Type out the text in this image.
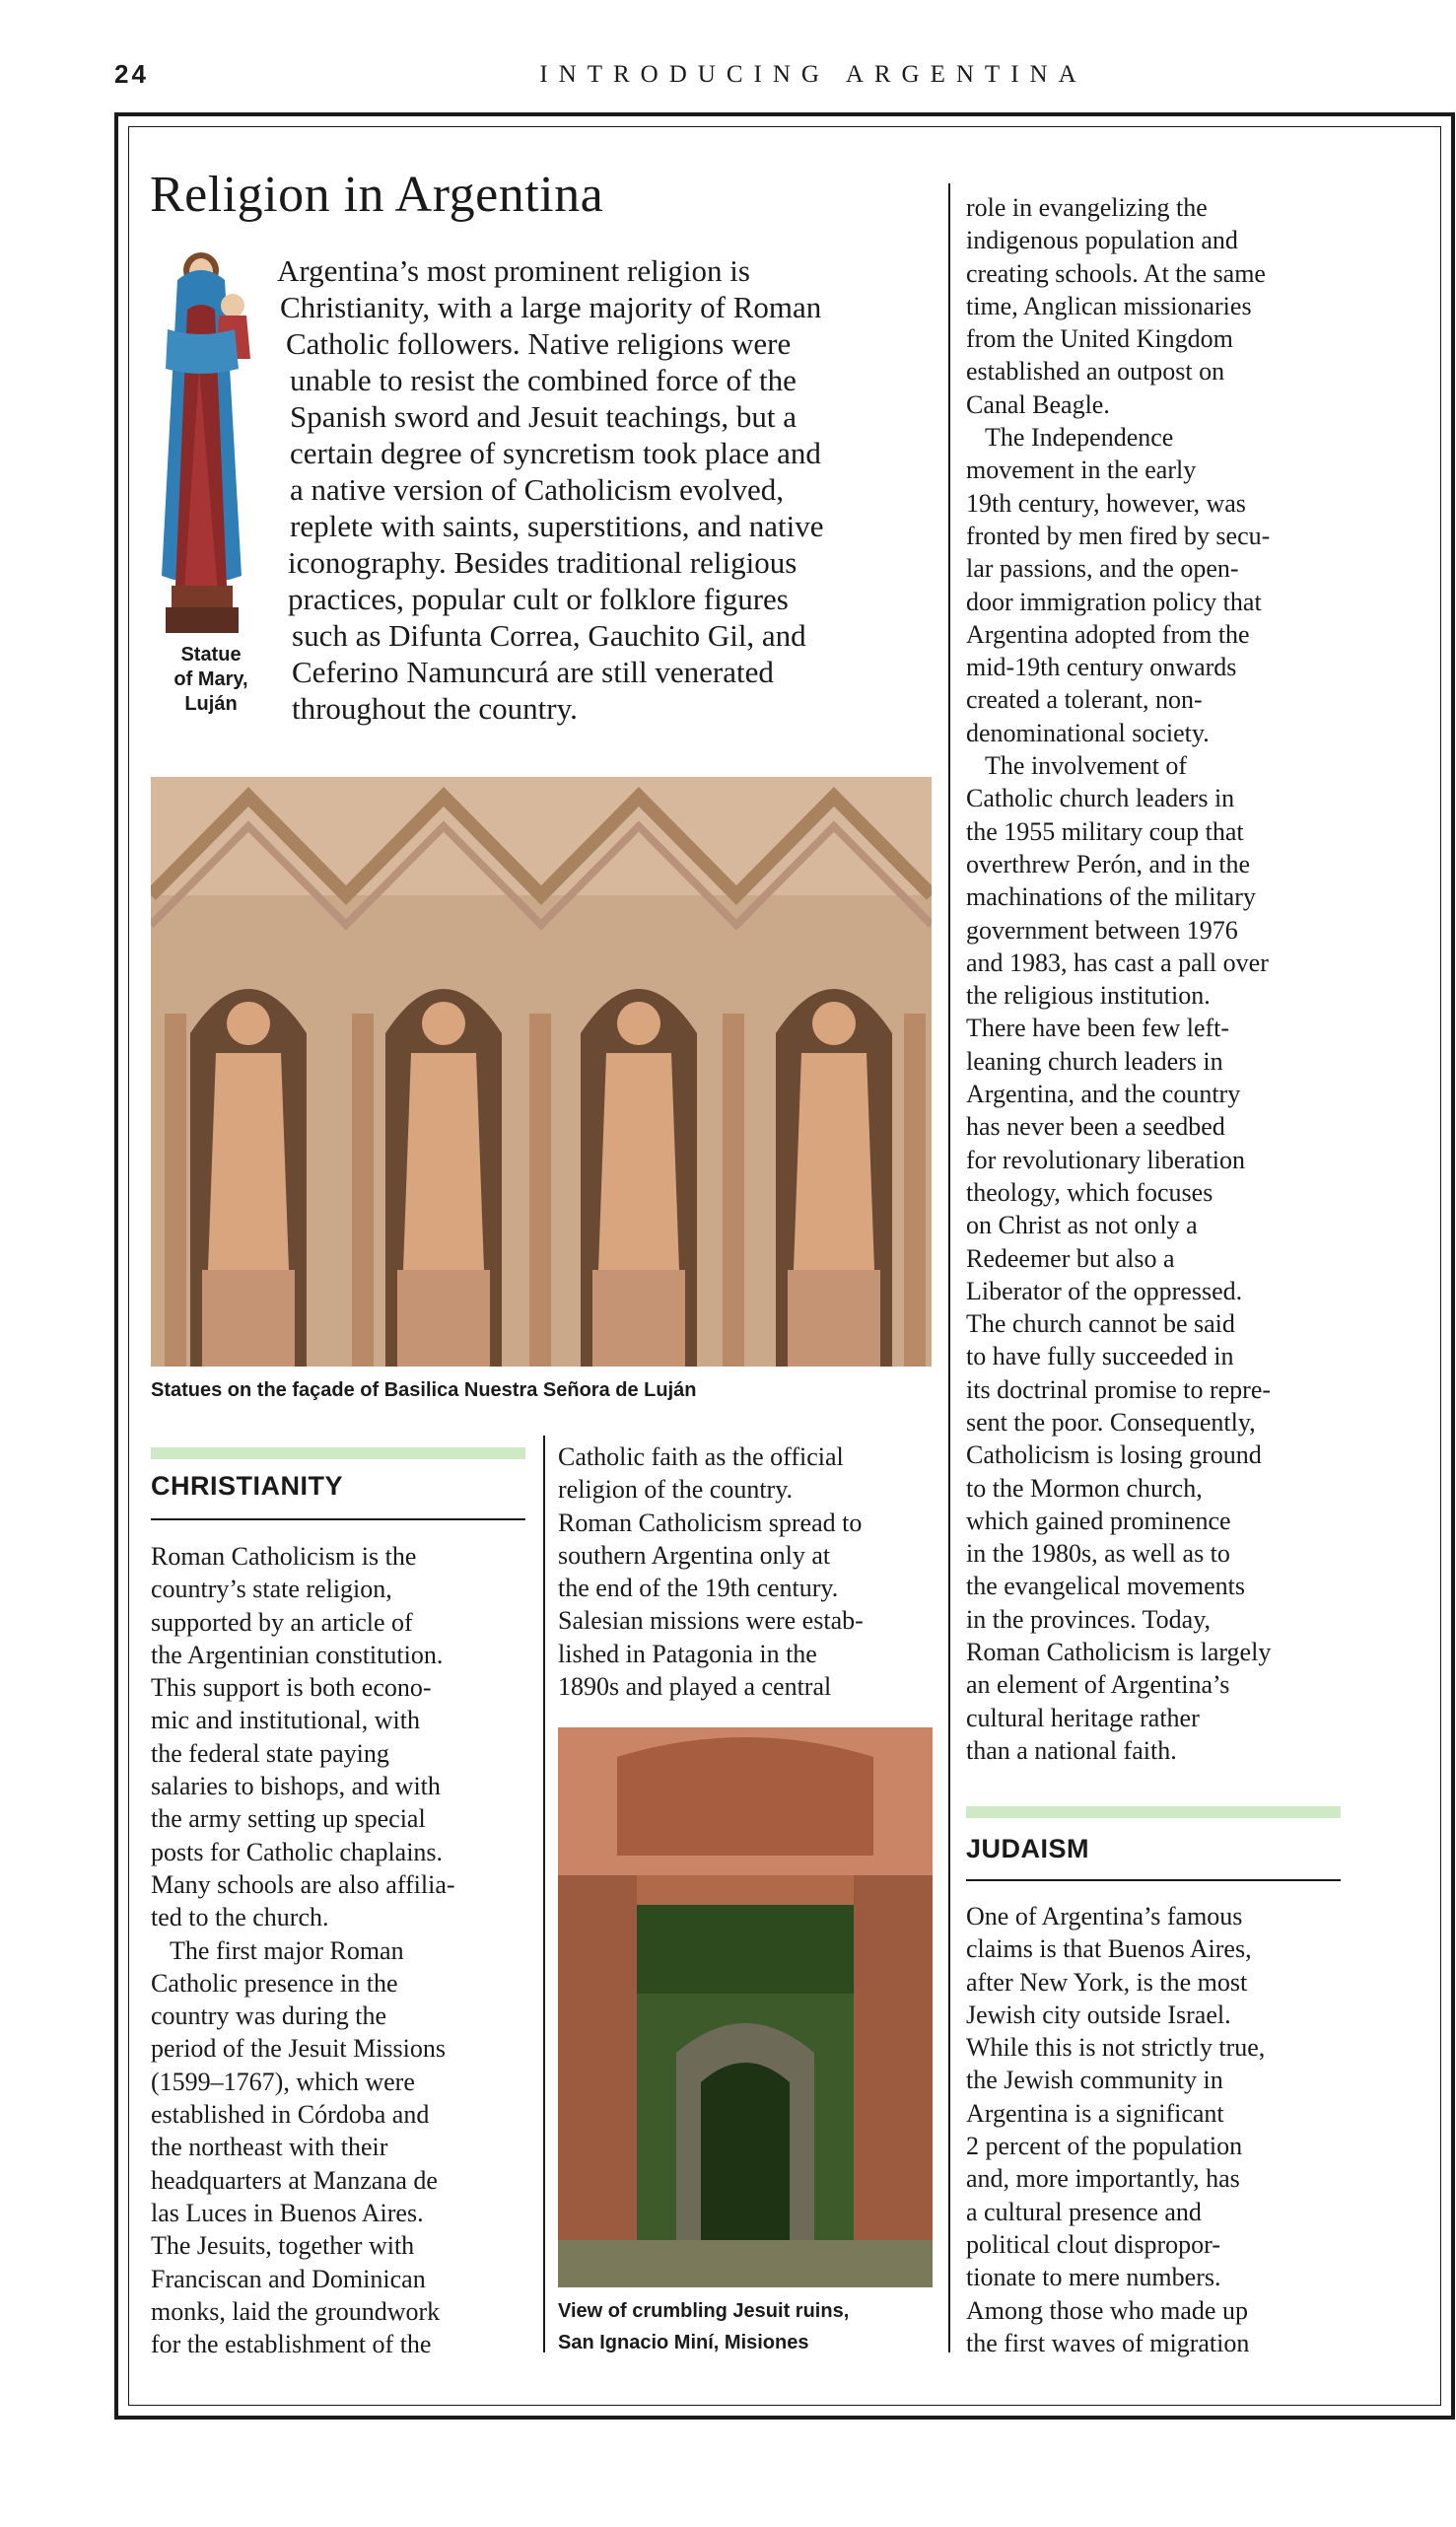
24	INTRODUCING ARGENTINA
Religion in Argentina
Statue
of Mary,
Luján
Argentina’s most prominent religion is
Christianity, with a large majority of Roman
Catholic followers. Native religions were
unable to resist the combined force of the
Spanish sword and Jesuit teachings, but a
certain degree of syncretism took place and
a native version of Catholicism evolved,
replete with saints, superstitions, and native
iconography. Besides traditional religious
practices, popular cult or folklore figures
such as Difunta Correa, Gauchito Gil, and
Ceferino Namuncurá are still venerated
throughout the country.
Statues on the façade of Basilica Nuestra Señora de Luján
CHRISTIANITY
Roman Catholicism is the
country’s state religion,
supported by an article of
the Argentinian constitution.
This support is both econo-
mic and institutional, with
the federal state paying
salaries to bishops, and with
the army setting up special
posts for Catholic chaplains.
Many schools are also affilia-
ted to the church.
The first major Roman
Catholic presence in the
country was during the
period of the Jesuit Missions
(1599–1767), which were
established in Córdoba and
the northeast with their
headquarters at Manzana de
las Luces in Buenos Aires.
The Jesuits, together with
Franciscan and Dominican
monks, laid the groundwork
for the establishment of the
Catholic faith as the official
religion of the country.
Roman Catholicism spread to
southern Argentina only at
the end of the 19th century.
Salesian missions were estab-
lished in Patagonia in the
1890s and played a central
View of crumbling Jesuit ruins,
San Ignacio Miní, Misiones
role in evangelizing the
indigenous population and
creating schools. At the same
time, Anglican missionaries
from the United Kingdom
established an outpost on
Canal Beagle.
The Independence
movement in the early
19th century, however, was
fronted by men fired by secu-
lar passions, and the open-
door immigration policy that
Argentina adopted from the
mid-19th century onwards
created a tolerant, non-
denominational society.
The involvement of
Catholic church leaders in
the 1955 military coup that
overthrew Perón, and in the
machinations of the military
government between 1976
and 1983, has cast a pall over
the religious institution.
There have been few left-
leaning church leaders in
Argentina, and the country
has never been a seedbed
for revolutionary liberation
theology, which focuses
on Christ as not only a
Redeemer but also a
Liberator of the oppressed.
The church cannot be said
to have fully succeeded in
its doctrinal promise to repre-
sent the poor. Consequently,
Catholicism is losing ground
to the Mormon church,
which gained prominence
in the 1980s, as well as to
the evangelical movements
in the provinces. Today,
Roman Catholicism is largely
an element of Argentina’s
cultural heritage rather
than a national faith.
JUDAISM
One of Argentina’s famous
claims is that Buenos Aires,
after New York, is the most
Jewish city outside Israel.
While this is not strictly true,
the Jewish community in
Argentina is a significant
2 percent of the population
and, more importantly, has
a cultural presence and
political clout dispropor-
tionate to mere numbers.
Among those who made up
the first waves of migration
